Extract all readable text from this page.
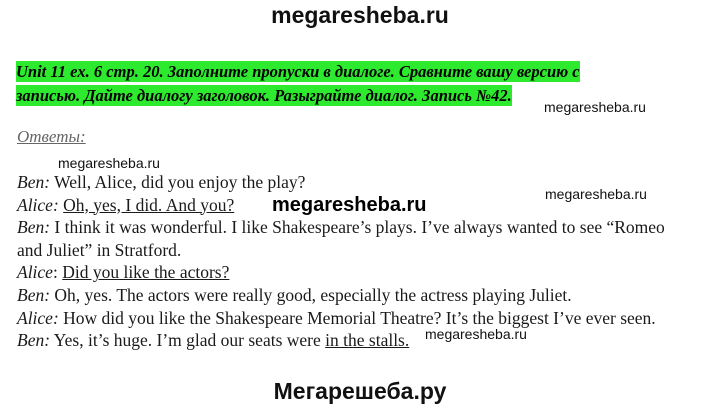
megaresheba.ru
Unit 11 ex. 6 стр. 20. Заполните пропуски в диалоге. Сравните вашу версию с
записью. Дайте диалогу заголовок. Разыграйте диалог. Запись №42.
megaresheba.ru
Ответы:
megaresheba.ru
megaresheba.ru
megaresheba.ru
megaresheba.ru
Ben: Well, Alice, did you enjoy the play?
Alice: Oh, yes, I did. And you?
Ben: I think it was wonderful. I like Shakespeare’s plays. I’ve always wanted to see “Romeo
and Juliet” in Stratford.
Alice: Did you like the actors?
Ben: Oh, yes. The actors were really good, especially the actress playing Juliet.
Alice: How did you like the Shakespeare Memorial Theatre? It’s the biggest I’ve ever seen.
Ben: Yes, it’s huge. I’m glad our seats were in the stalls.
Мегарешеба.ру
